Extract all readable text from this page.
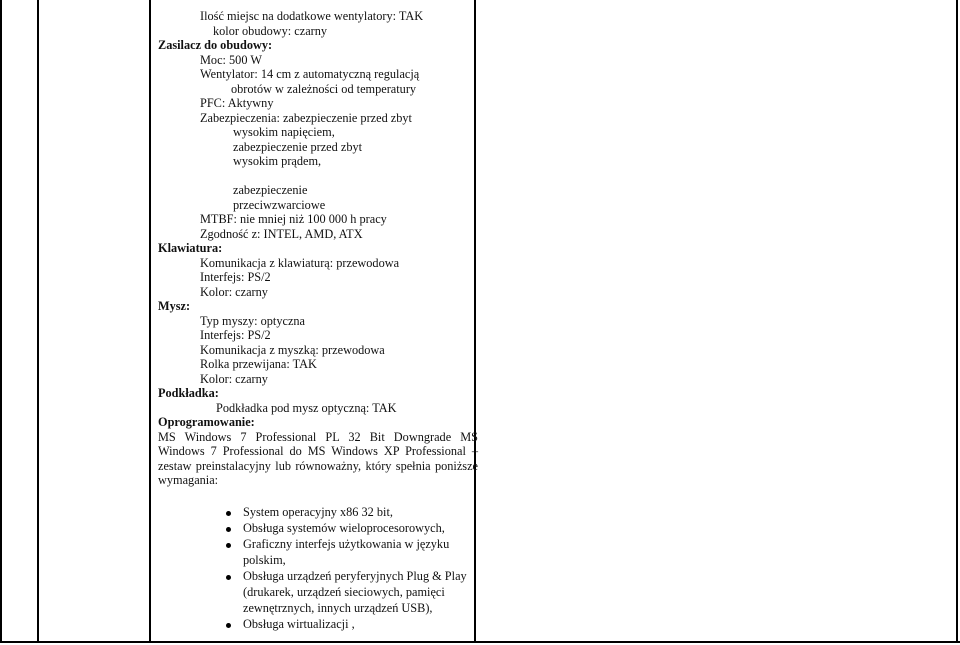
Ilość miejsc na dodatkowe wentylatory: TAK
kolor obudowy: czarny
Zasilacz do obudowy:
Moc: 500 W
Wentylator: 14 cm z automatyczną regulacją
obrotów w zależności od temperatury
PFC: Aktywny
Zabezpieczenia: zabezpieczenie przed zbyt
wysokim napięciem,
zabezpieczenie przed zbyt
wysokim prądem,
zabezpieczenie
przeciwzwarciowe
MTBF: nie mniej niż 100 000 h pracy
Zgodność z: INTEL, AMD, ATX
Klawiatura:
Komunikacja z klawiaturą: przewodowa
Interfejs: PS/2
Kolor: czarny
Mysz:
Typ myszy: optyczna
Interfejs: PS/2
Komunikacja z myszką: przewodowa
Rolka przewijana: TAK
Kolor: czarny
Podkładka:
Podkładka pod mysz optyczną: TAK
Oprogramowanie:
MS Windows 7 Professional PL 32 Bit Downgrade MS
Windows 7 Professional do MS Windows XP Professional –
zestaw preinstalacyjny lub równoważny, który spełnia poniższe
wymagania:
System operacyjny x86 32 bit,
Obsługa systemów wieloprocesorowych,
Graficzny interfejs użytkowania w języku
polskim,
Obsługa urządzeń peryferyjnych Plug & Play
(drukarek, urządzeń sieciowych, pamięci
zewnętrznych, innych urządzeń USB),
Obsługa wirtualizacji ,
